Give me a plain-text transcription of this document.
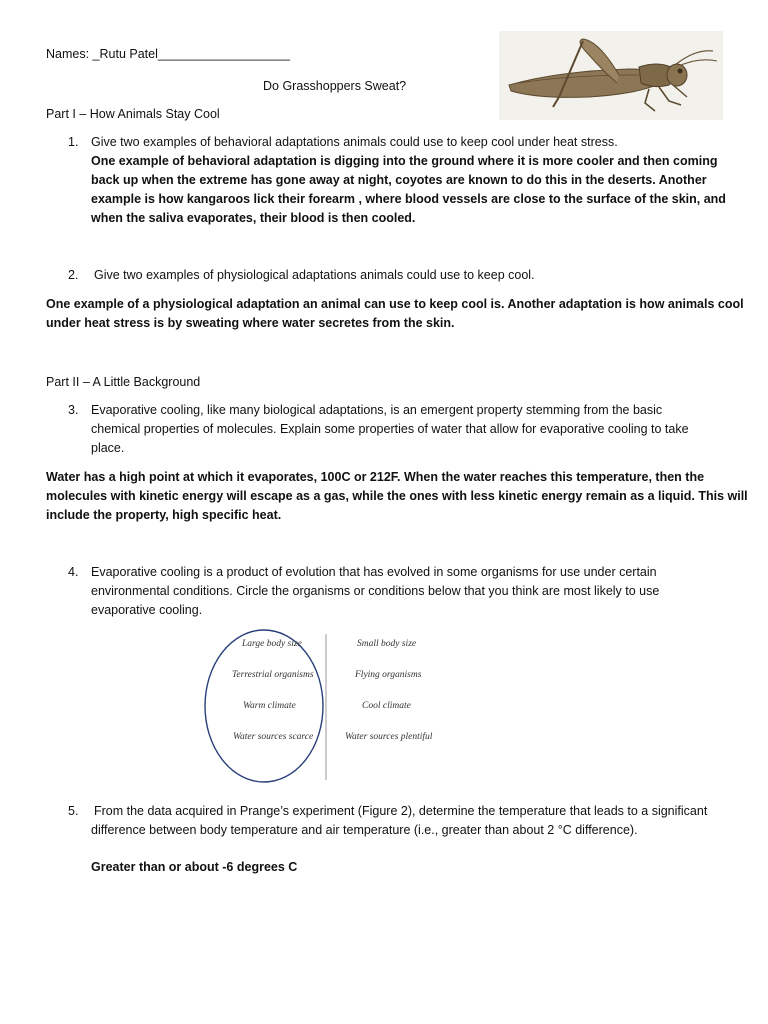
Names: _Rutu Patel___________________
Do Grasshoppers Sweat?
Part I – How Animals Stay Cool
1. Give two examples of behavioral adaptations animals could use to keep cool under heat stress.
One example of behavioral adaptation is digging into the ground where it is more cooler and then coming
back up when the extreme has gone away at night, coyotes are known to do this in the deserts. Another
example is how kangaroos lick their forearm , where blood vessels are close to the surface of the skin, and
when the saliva evaporates, their blood is then cooled.
2. Give two examples of physiological adaptations animals could use to keep cool.
One example of a physiological adaptation an animal can use to keep cool is. Another adaptation is how animals cool
under heat stress is by sweating where water secretes from the skin.
Part II – A Little Background
3. Evaporative cooling, like many biological adaptations, is an emergent property stemming from the basic
chemical properties of molecules. Explain some properties of water that allow for evaporative cooling to take
place.
Water has a high point at which it evaporates, 100C or 212F. When the water reaches this temperature, then the
molecules with kinetic energy will escape as a gas, while the ones with less kinetic energy remain as a liquid. This will
include the property, high specific heat.
4. Evaporative cooling is a product of evolution that has evolved in some organisms for use under certain
environmental conditions. Circle the organisms or conditions below that you think are most likely to use
evaporative cooling.
Large body size
Terrestrial organisms
Warm climate
Water sources scarce
Small body size
Flying organisms
Cool climate
Water sources plentiful
5. From the data acquired in Prange’s experiment (Figure 2), determine the temperature that leads to a significant
difference between body temperature and air temperature (i.e., greater than about 2 °C difference).
Greater than or about -6 degrees C
